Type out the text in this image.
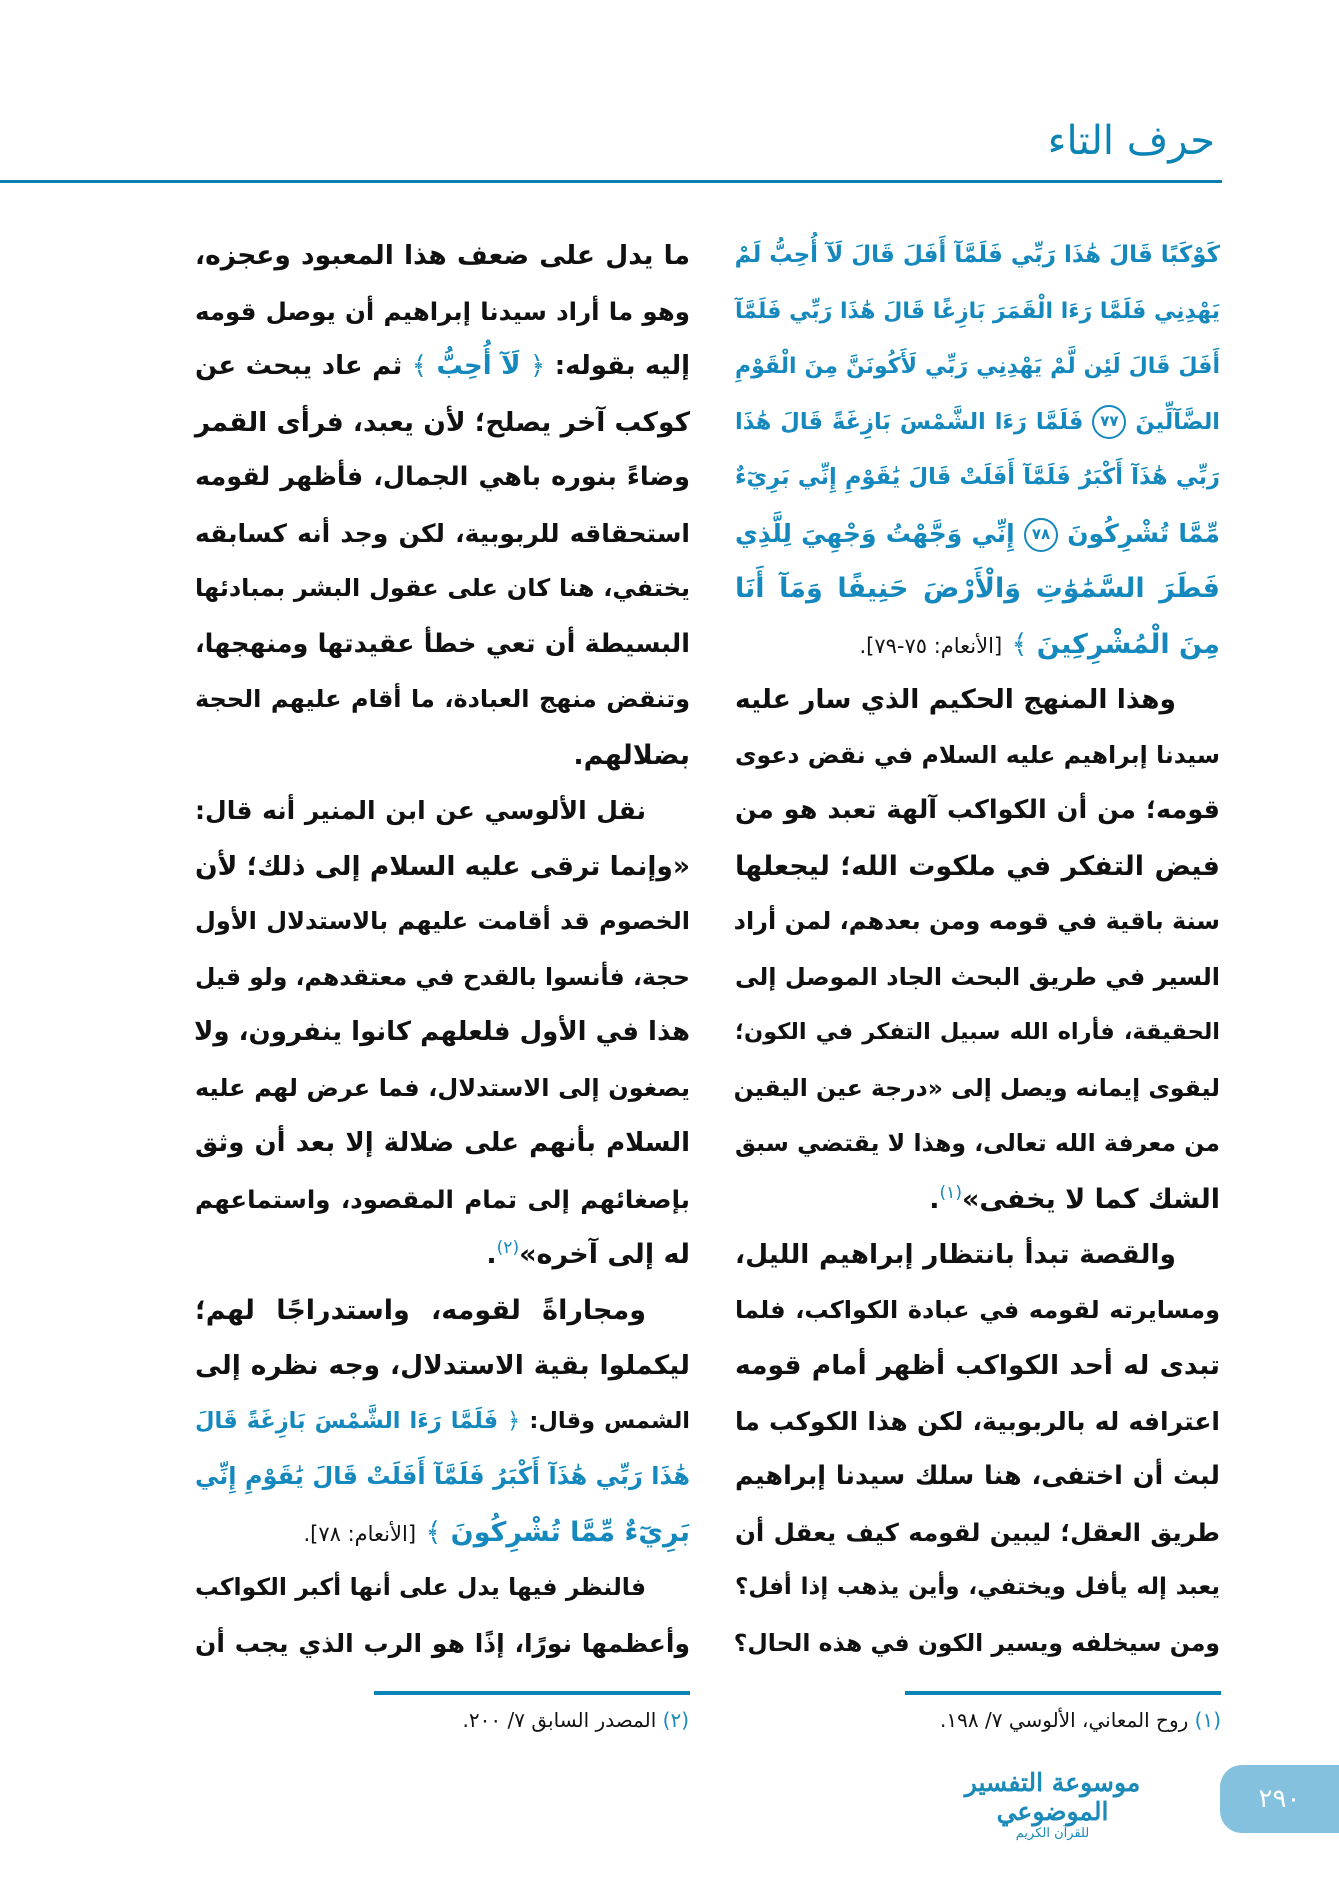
حرف التاء
كَوْكَبًا قَالَ هَٰذَا رَبِّي فَلَمَّآ أَفَلَ قَالَ لَآ أُحِبُّ لَمْ
يَهْدِنِي فَلَمَّا رَءَا الْقَمَرَ بَازِغًا قَالَ هَٰذَا رَبِّي فَلَمَّآ
أَفَلَ قَالَ لَئِن لَّمْ يَهْدِنِي رَبِّي لَأَكُونَنَّ مِنَ الْقَوْمِ
الضَّآلِّينَ ٧٧ فَلَمَّا رَءَا الشَّمْسَ بَازِغَةً قَالَ هَٰذَا
رَبِّي هَٰذَآ أَكْبَرُ فَلَمَّآ أَفَلَتْ قَالَ يَٰقَوْمِ إِنِّي بَرِيٓءٌ
مِّمَّا تُشْرِكُونَ ٧٨ إِنِّي وَجَّهْتُ وَجْهِيَ لِلَّذِي
فَطَرَ السَّمَٰوَٰتِ وَالْأَرْضَ حَنِيفًا وَمَآ أَنَا
مِنَ الْمُشْرِكِينَ ﴾ [الأنعام: ٧٥-٧٩].
وهذا المنهج الحكيم الذي سار عليه
سيدنا إبراهيم عليه السلام في نقض دعوى
قومه؛ من أن الكواكب آلهة تعبد هو من
فيض التفكر في ملكوت الله؛ ليجعلها
سنة باقية في قومه ومن بعدهم، لمن أراد
السير في طريق البحث الجاد الموصل إلى
الحقيقة، فأراه الله سبيل التفكر في الكون؛
ليقوى إيمانه ويصل إلى «درجة عين اليقين
من معرفة الله تعالى، وهذا لا يقتضي سبق
الشك كما لا يخفى»$^{(١)}$.
والقصة تبدأ بانتظار إبراهيم الليل،
ومسايرته لقومه في عبادة الكواكب، فلما
تبدى له أحد الكواكب أظهر أمام قومه
اعترافه له بالربوبية، لكن هذا الكوكب ما
لبث أن اختفى، هنا سلك سيدنا إبراهيم
طريق العقل؛ ليبين لقومه كيف يعقل أن
يعبد إله يأفل ويختفي، وأين يذهب إذا أفل؟
ومن سيخلفه ويسير الكون في هذه الحال؟
ما يدل على ضعف هذا المعبود وعجزه،
وهو ما أراد سيدنا إبراهيم أن يوصل قومه
إليه بقوله: ﴿ لَآ أُحِبُّ ﴾ ثم عاد يبحث عن
كوكب آخر يصلح؛ لأن يعبد، فرأى القمر
وضاءً بنوره باهي الجمال، فأظهر لقومه
استحقاقه للربوبية، لكن وجد أنه كسابقه
يختفي، هنا كان على عقول البشر بمبادئها
البسيطة أن تعي خطأ عقيدتها ومنهجها،
وتنقض منهج العبادة، ما أقام عليهم الحجة
بضلالهم.
نقل الألوسي عن ابن المنير أنه قال:
«وإنما ترقى عليه السلام إلى ذلك؛ لأن
الخصوم قد أقامت عليهم بالاستدلال الأول
حجة، فأنسوا بالقدح في معتقدهم، ولو قيل
هذا في الأول فلعلهم كانوا ينفرون، ولا
يصغون إلى الاستدلال، فما عرض لهم عليه
السلام بأنهم على ضلالة إلا بعد أن وثق
بإصغائهم إلى تمام المقصود، واستماعهم
له إلى آخره»$^{(٢)}$.
ومجاراةً لقومه، واستدراجًا لهم؛
ليكملوا بقية الاستدلال، وجه نظره إلى
الشمس وقال: ﴿ فَلَمَّا رَءَا الشَّمْسَ بَازِغَةً قَالَ
هَٰذَا رَبِّي هَٰذَآ أَكْبَرُ فَلَمَّآ أَفَلَتْ قَالَ يَٰقَوْمِ إِنِّي
بَرِيٓءٌ مِّمَّا تُشْرِكُونَ ﴾ [الأنعام: ٧٨].
فالنظر فيها يدل على أنها أكبر الكواكب
وأعظمها نورًا، إذًا هو الرب الذي يجب أن
(١) روح المعاني، الألوسي ٧/ ١٩٨.
(٢) المصدر السابق ٧/ ٢٠٠.
موسوعة التفسير الموضوعي
للقرآن الكريم
٢٩٠
